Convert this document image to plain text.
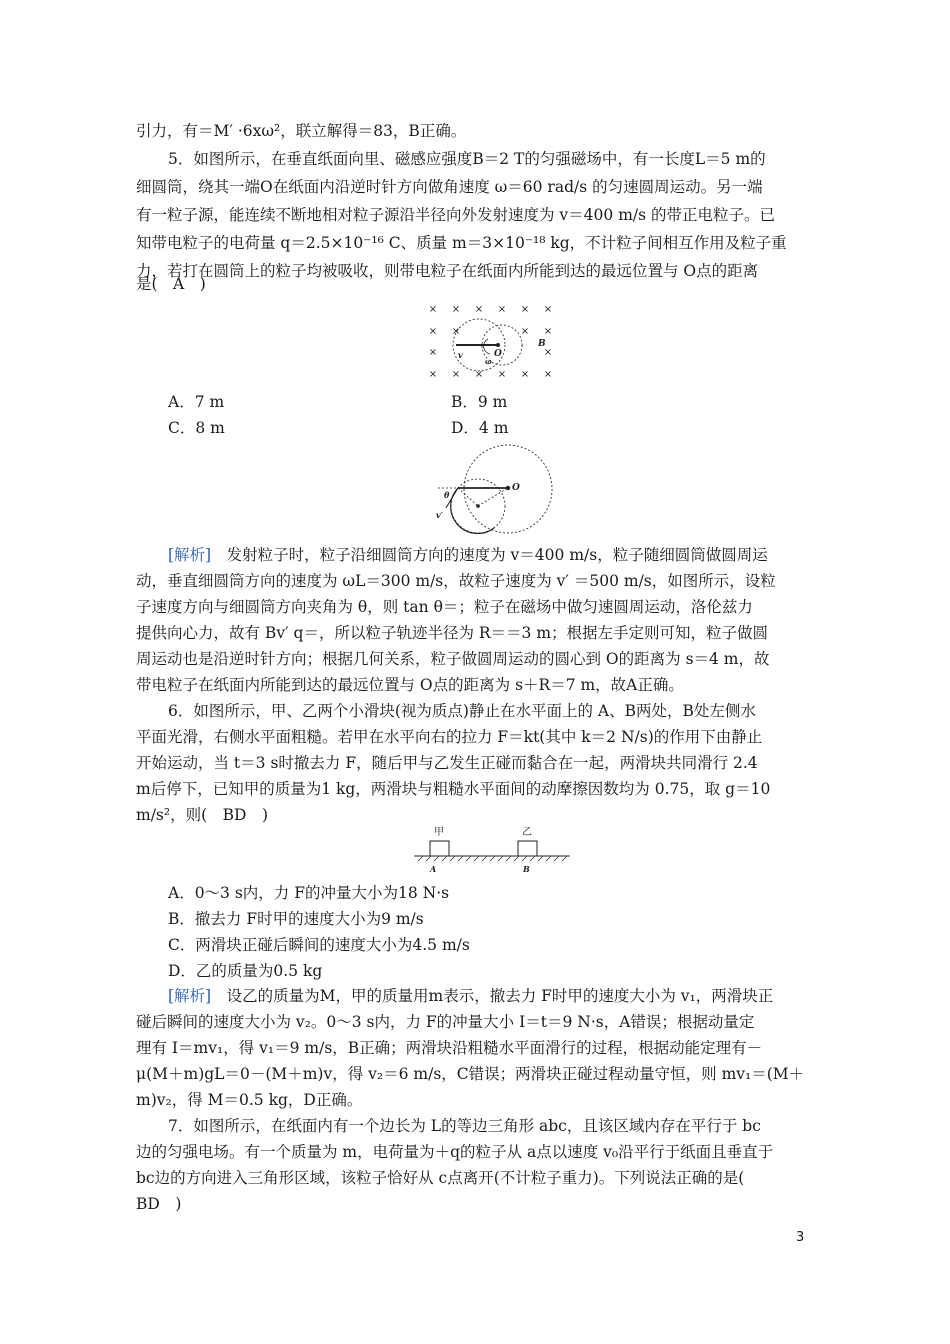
引力，有＝M′ ·6xω²，联立解得＝83，B正确。
5．如图所示，在垂直纸面向里、磁感应强度B＝2 T的匀强磁场中，有一长度L＝5 m的
细圆筒，绕其一端O在纸面内沿逆时针方向做角速度 ω＝60 rad/s 的匀速圆周运动。另一端
有一粒子源，能连续不断地相对粒子源沿半径向外发射速度为 v＝400 m/s 的带正电粒子。已
知带电粒子的电荷量 q＝2.5×10⁻¹⁶ C、质量 m＝3×10⁻¹⁸ kg，不计粒子间相互作用及粒子重
力，若打在圆筒上的粒子均被吸收，则带电粒子在纸面内所能到达的最远位置与 O点的距离
是(　A　)
× × × × × ×
× ×	× ×
×	×
× × × × × ×
v	O
ω
B
A．7 m	B．9 m
C．8 m	D．4 m
θ
O
v′
[解析]　 发射粒子时，粒子沿细圆筒方向的速度为 v＝400 m/s，粒子随细圆筒做圆周运
动，垂直细圆筒方向的速度为 ωL＝300 m/s，故粒子速度为 v′ ＝500 m/s，如图所示，设粒
子速度方向与细圆筒方向夹角为 θ，则 tan θ＝；粒子在磁场中做匀速圆周运动，洛伦兹力
提供向心力，故有 Bv′ q＝，所以粒子轨迹半径为 R＝＝3 m；根据左手定则可知，粒子做圆
周运动也是沿逆时针方向；根据几何关系，粒子做圆周运动的圆心到 O的距离为 s＝4 m，故
带电粒子在纸面内所能到达的最远位置与 O点的距离为 s＋R＝7 m，故A正确。
6．如图所示，甲、乙两个小滑块(视为质点)静止在水平面上的 A、B两处，B处左侧水
平面光滑，右侧水平面粗糙。若甲在水平向右的拉力 F＝kt(其中 k＝2 N/s)的作用下由静止
开始运动，当 t＝3 s时撤去力 F，随后甲与乙发生正碰而黏合在一起，两滑块共同滑行 2.4
m后停下，已知甲的质量为1 kg，两滑块与粗糙水平面间的动摩擦因数均为 0.75，取 g＝10
m/s²，则(　BD　)
甲	乙
A	B
A．0～3 s内，力 F的冲量大小为18 N·s
B．撤去力 F时甲的速度大小为9 m/s
C．两滑块正碰后瞬间的速度大小为4.5 m/s
D．乙的质量为0.5 kg
[解析]　 设乙的质量为M，甲的质量用m表示，撤去力 F时甲的速度大小为 v₁，两滑块正
碰后瞬间的速度大小为 v₂。0～3 s内，力 F的冲量大小 I＝t＝9 N·s，A错误；根据动量定
理有 I＝mv₁，得 v₁＝9 m/s，B正确；两滑块沿粗糙水平面滑行的过程，根据动能定理有－
μ(M＋m)gL＝0－(M＋m)v，得 v₂＝6 m/s，C错误；两滑块正碰过程动量守恒，则 mv₁＝(M＋
m)v₂，得 M＝0.5 kg，D正确。
7．如图所示，在纸面内有一个边长为 L的等边三角形 abc，且该区域内存在平行于 bc
边的匀强电场。有一个质量为 m，电荷量为＋q的粒子从 a点以速度 v₀沿平行于纸面且垂直于
bc边的方向进入三角形区域，该粒子恰好从 c点离开(不计粒子重力)。下列说法正确的是(
BD　)
3
